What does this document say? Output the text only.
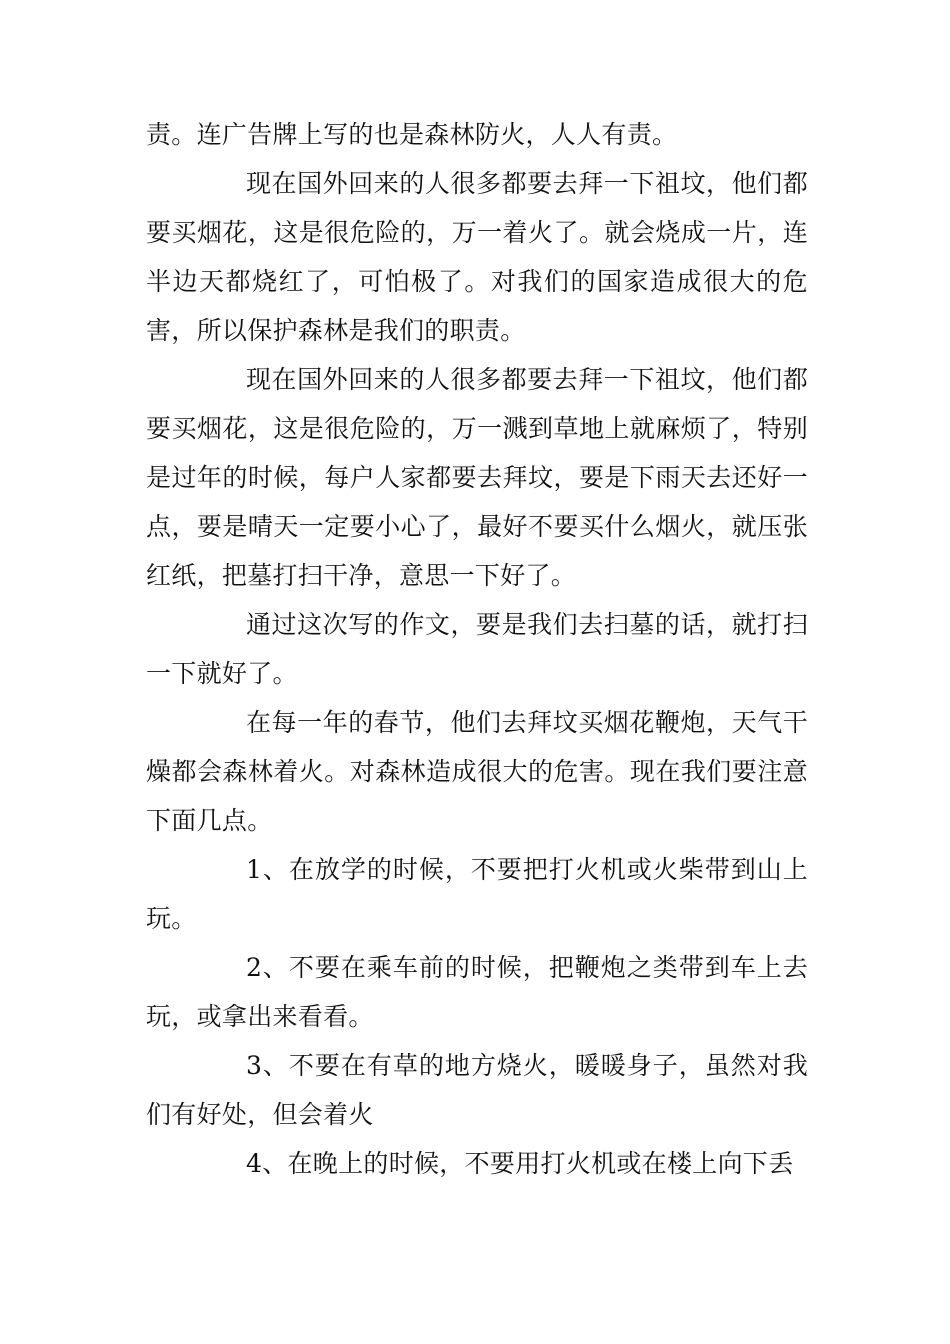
责。连广告牌上写的也是森林防火，人人有责。

现在国外回来的人很多都要去拜一下祖坟，他们都要买烟花，这是很危险的，万一着火了。就会烧成一片，连半边天都烧红了，可怕极了。对我们的国家造成很大的危害，所以保护森林是我们的职责。

现在国外回来的人很多都要去拜一下祖坟，他们都要买烟花，这是很危险的，万一溅到草地上就麻烦了，特别是过年的时候，每户人家都要去拜坟，要是下雨天去还好一点，要是晴天一定要小心了，最好不要买什么烟火，就压张红纸，把墓打扫干净，意思一下好了。

通过这次写的作文，要是我们去扫墓的话，就打扫一下就好了。

在每一年的春节，他们去拜坟买烟花鞭炮，天气干燥都会森林着火。对森林造成很大的危害。现在我们要注意下面几点。

1、在放学的时候，不要把打火机或火柴带到山上玩。

2、不要在乘车前的时候，把鞭炮之类带到车上去玩，或拿出来看看。

3、不要在有草的地方烧火，暖暖身子，虽然对我们有好处，但会着火

4、在晚上的时候，不要用打火机或在楼上向下丢
